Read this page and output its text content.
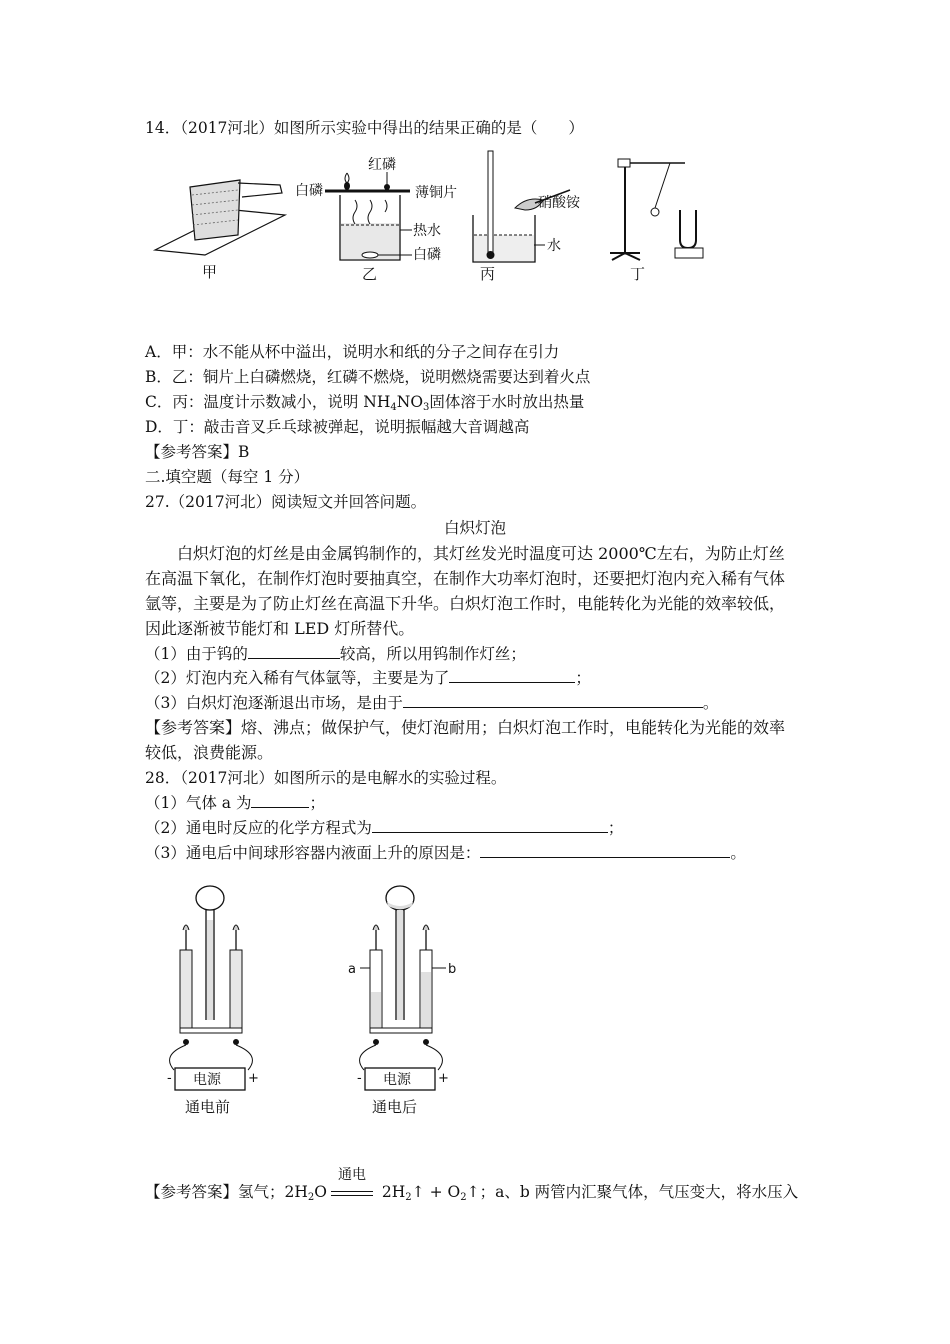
14．（2017河北）如图所示实验中得出的结果正确的是（　　）
甲
红磷
白磷	薄铜片
热水
白磷
乙
硝酸铵
水
丙	丁
A．甲：水不能从杯中溢出，说明水和纸的分子之间存在引力
B．乙：铜片上白磷燃烧，红磷不燃烧，说明燃烧需要达到着火点
C．丙：温度计示数减小，说明 $NH_4NO_3$固体溶于水时放出热量
D．丁：敲击音叉乒乓球被弹起，说明振幅越大音调越高
【参考答案】B
二.填空题（每空 1 分）
27.（2017河北）阅读短文并回答问题。
白炽灯泡
　　白炽灯泡的灯丝是由金属钨制作的，其灯丝发光时温度可达 2000℃左右，为防止灯丝
在高温下氧化，在制作灯泡时要抽真空，在制作大功率灯泡时，还要把灯泡内充入稀有气体
氩等，主要是为了防止灯丝在高温下升华。白炽灯泡工作时，电能转化为光能的效率较低，
因此逐渐被节能灯和 LED 灯所替代。
（1）由于钨的	较高，所以用钨制作灯丝；
（2）灯泡内充入稀有气体氩等，主要是为了	；
（3）白炽灯泡逐渐退出市场，是由于	。
【参考答案】熔、沸点；做保护气，使灯泡耐用；白炽灯泡工作时，电能转化为光能的效率
较低，浪费能源。
28．（2017河北）如图所示的是电解水的实验过程。
（1）气体 a 为	；
（2）通电时反应的化学方程式为	；
（3）通电后中间球形容器内液面上升的原因是：	。
电源
-	+
通电前
a	b
电源
-	+
通电后
【参考答案】氢气；$2H_2O$
通电
$2H_2↑$ + $O_2↑$；a、b 两管内汇聚气体，气压变大，将水压入
